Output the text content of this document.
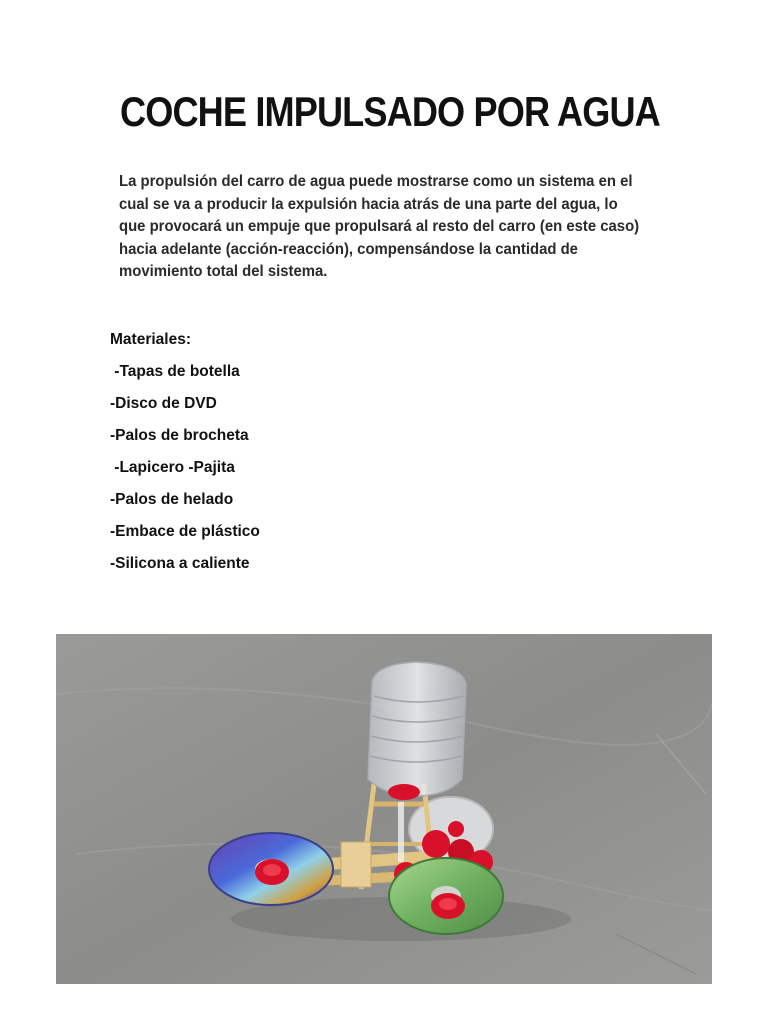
COCHE IMPULSADO POR AGUA

La propulsión del carro de agua puede mostrarse como un sistema en el cual se va a producir la expulsión hacia atrás de una parte del agua, lo que provocará un empuje que propulsará al resto del carro (en este caso) hacia adelante (acción-reacción), compensándose la cantidad de movimiento total del sistema.

Materiales:
-Tapas de botella
-Disco de DVD
-Palos de brocheta
-Lapicero -Pajita
-Palos de helado
-Embace de plástico
-Silicona a caliente
